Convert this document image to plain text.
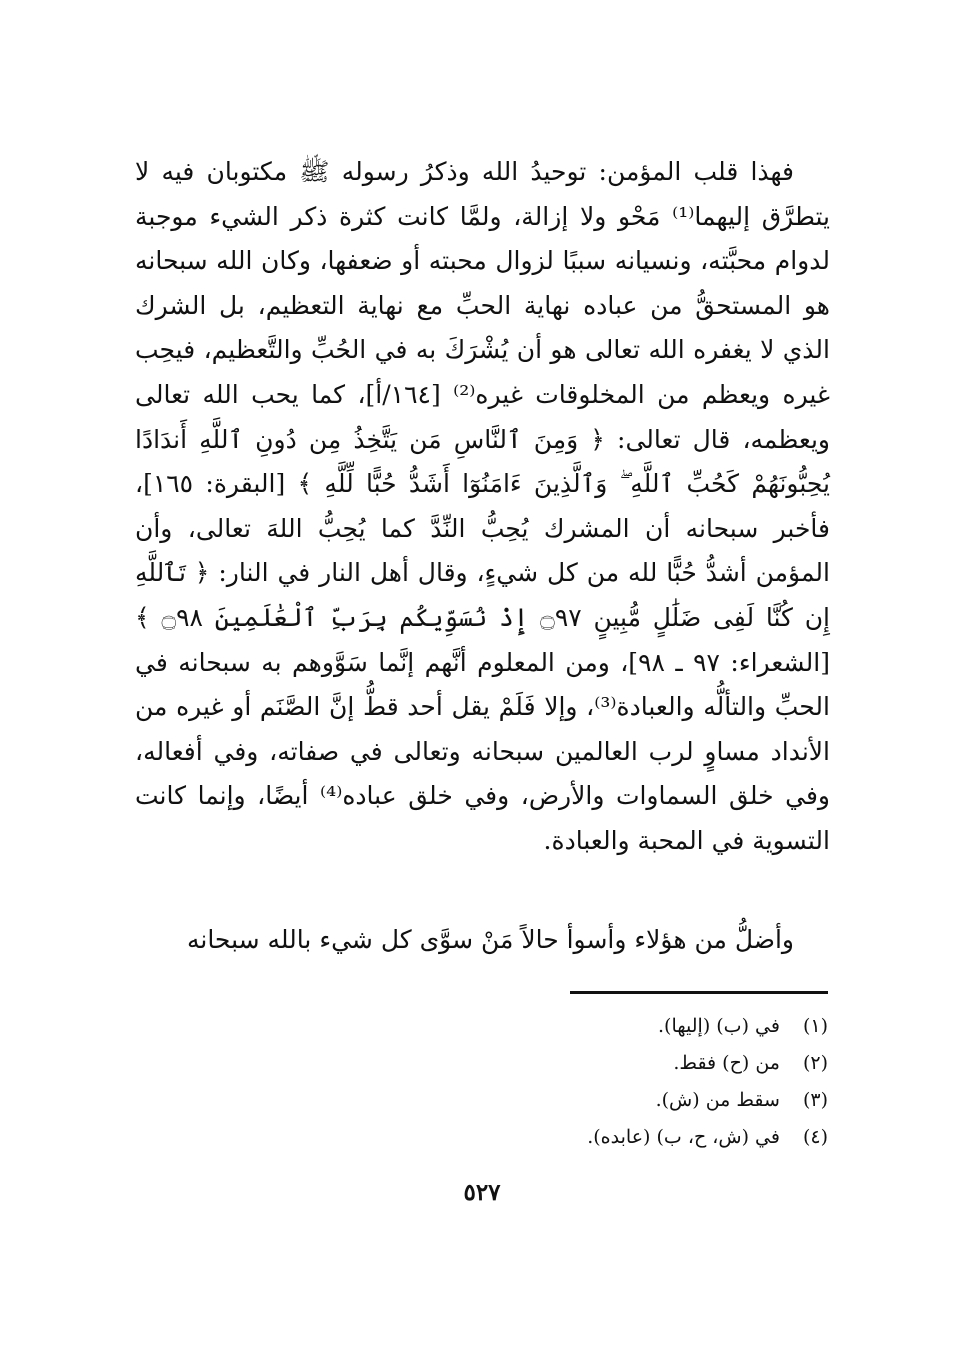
فهذا قلب المؤمن: توحيدُ الله وذكرُ رسوله ﷺ مكتوبان فيه لا يتطرَّق إليهما⁽¹⁾ مَحْو ولا إزالة، ولمَّا كانت كثرة ذكر الشيء موجبة لدوام محبَّته، ونسيانه سببًا لزوال محبته أو ضعفها، وكان الله سبحانه هو المستحقُّ من عباده نهاية الحبِّ مع نهاية التعظيم، بل الشرك الذي لا يغفره الله تعالى هو أن يُشْرَكَ به في الحُبِّ والتَّعظيم، فيحِب غيره ويعظم من المخلوقات غيره⁽²⁾ [١٦٤/أ]، كما يحب الله تعالى ويعظمه، قال تعالى: ﴿ وَمِنَ ٱلنَّاسِ مَن يَتَّخِذُ مِن دُونِ ٱللَّهِ أَندَادًا يُحِبُّونَهُمْ كَحُبِّ ٱللَّهِ ۖ وَٱلَّذِينَ ءَامَنُوٓا أَشَدُّ حُبًّا لِّلَّهِ ﴾ [البقرة: ١٦٥]، فأخبر سبحانه أن المشرك يُحِبُّ النِّدَّ كما يُحِبُّ اللهَ تعالى، وأن المؤمن أشدُّ حُبًّا لله من كل شيءٍ، وقال أهل النار في النار: ﴿ تَٱللَّهِ إِن كُنَّا لَفِى ضَلَٰلٍ مُّبِينٍ ۝٩٧ إِذْ نُسَوِّيكُم بِرَبِّ ٱلْعَٰلَمِينَ ۝٩٨ ﴾ [الشعراء: ٩٧ ـ ٩٨]، ومن المعلوم أنَّهم إنَّما سَوَّوهم به سبحانه في الحبِّ والتألُّه والعبادة⁽³⁾، وإلا فَلَمْ يقل أحد قطُّ إنَّ الصَّنَم أو غيره من الأنداد مساوٍ لرب العالمين سبحانه وتعالى في صفاته، وفي أفعاله، وفي خلق السماوات والأرض، وفي خلق عباده⁽⁴⁾ أيضًا، وإنما كانت التسوية في المحبة والعبادة.

وأضلُّ من هؤلاء وأسوأ حالاً مَنْ سوَّى كل شيء بالله سبحانه
(١) في (ب) (إليها).
(٢) من (ح) فقط.
(٣) سقط من (ش).
(٤) في (ش، ح، ب) (عابده).
٥٢٧
